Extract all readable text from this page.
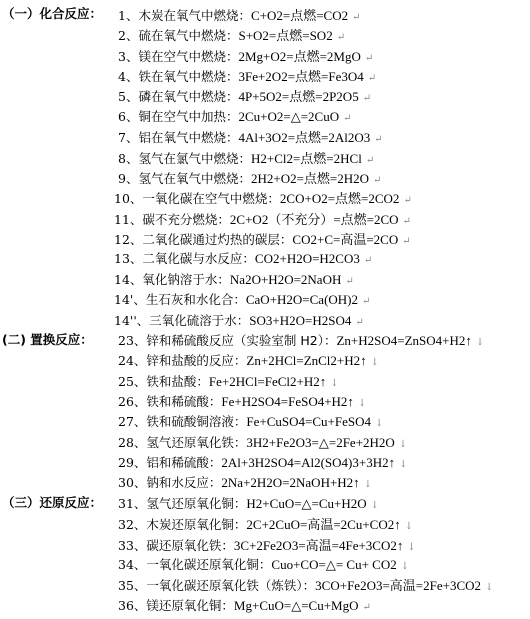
（一）化合反应： 1、木炭在氧气中燃烧：C+O2=点燃=CO2 ↵
2、硫在氧气中燃烧：S+O2=点燃=SO2 ↵
3、镁在空气中燃烧：2Mg+O2=点燃=2MgO ↵
4、铁在氧气中燃烧：3Fe+2O2=点燃=Fe3O4 ↵
5、磷在氧气中燃烧：4P+5O2=点燃=2P2O5 ↵
6、铜在空气中加热：2Cu+O2=△=2CuO ↵
7、铝在氧气中燃烧：4Al+3O2=点燃=2Al2O3 ↵
8、氢气在氯气中燃烧：H2+Cl2=点燃=2HCl ↵
9、氢气在氧气中燃烧：2H2+O2=点燃=2H2O ↵
10、一氧化碳在空气中燃烧：2CO+O2=点燃=2CO2 ↵
11、碳不充分燃烧：2C+O2（不充分）=点燃=2CO ↵
12、二氧化碳通过灼热的碳层：CO2+C=高温=2CO ↵
13、二氧化碳与水反应：CO2+H2O=H2CO3 ↵
14、氧化钠溶于水：Na2O+H2O=2NaOH ↵
14'、生石灰和水化合：CaO+H2O=Ca(OH)2 ↵
14''、三氧化硫溶于水：SO3+H2O=H2SO4 ↵
(二) 置换反应： 23、锌和稀硫酸反应（实验室制 H2）：Zn+H2SO4=ZnSO4+H2↑ ↓
24、锌和盐酸的反应：Zn+2HCl=ZnCl2+H2↑ ↓
25、铁和盐酸：Fe+2HCl=FeCl2+H2↑ ↓
26、铁和稀硫酸：Fe+H2SO4=FeSO4+H2↑ ↓
27、铁和硫酸铜溶液：Fe+CuSO4=Cu+FeSO4 ↓
28、氢气还原氧化铁：3H2+Fe2O3=△=2Fe+2H2O ↓
29、铝和稀硫酸：2Al+3H2SO4=Al2(SO4)3+3H2↑ ↓
30、钠和水反应：2Na+2H2O=2NaOH+H2↑ ↓
（三）还原反应： 31、氢气还原氧化铜：H2+CuO=△=Cu+H2O ↓
32、木炭还原氧化铜：2C+2CuO=高温=2Cu+CO2↑ ↓
33、碳还原氧化铁：3C+2Fe2O3=高温=4Fe+3CO2↑ ↓
34、一氧化碳还原氧化铜：Cuo+CO=△= Cu+ CO2 ↓
35、一氧化碳还原氧化铁（炼铁）：3CO+Fe2O3=高温=2Fe+3CO2 ↓
36、镁还原氧化铜：Mg+CuO=△=Cu+MgO ↵
